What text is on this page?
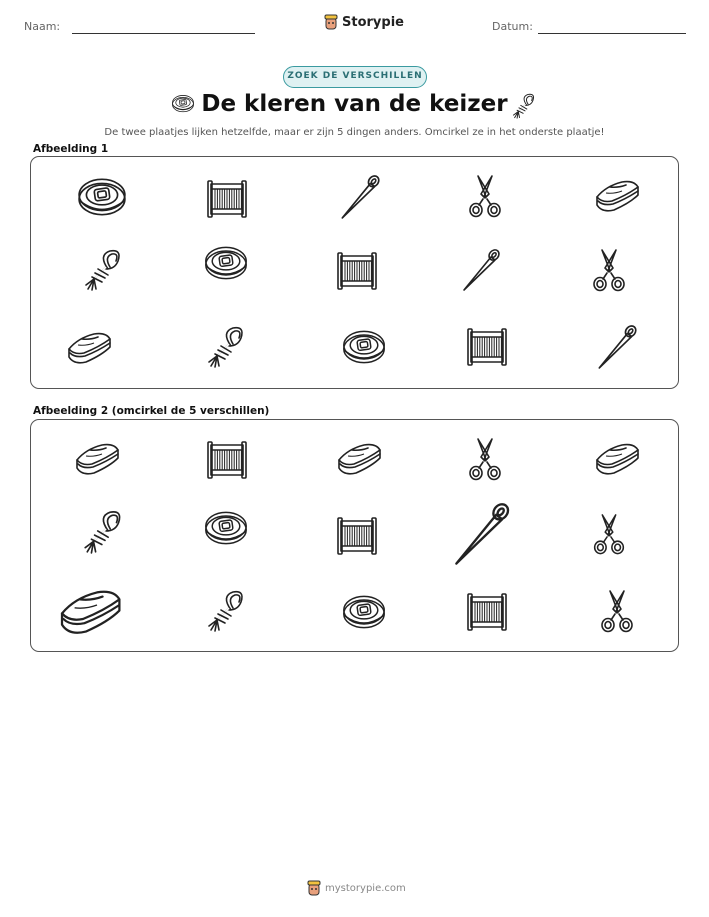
Naam:	Storypie	Datum:
ZOEK DE VERSCHILLEN
De kleren van de keizer
De twee plaatjes lijken hetzelfde, maar er zijn 5 dingen anders. Omcirkel ze in het onderste plaatje!
Afbeelding 1
Afbeelding 2 (omcirkel de 5 verschillen)
mystorypie.com
